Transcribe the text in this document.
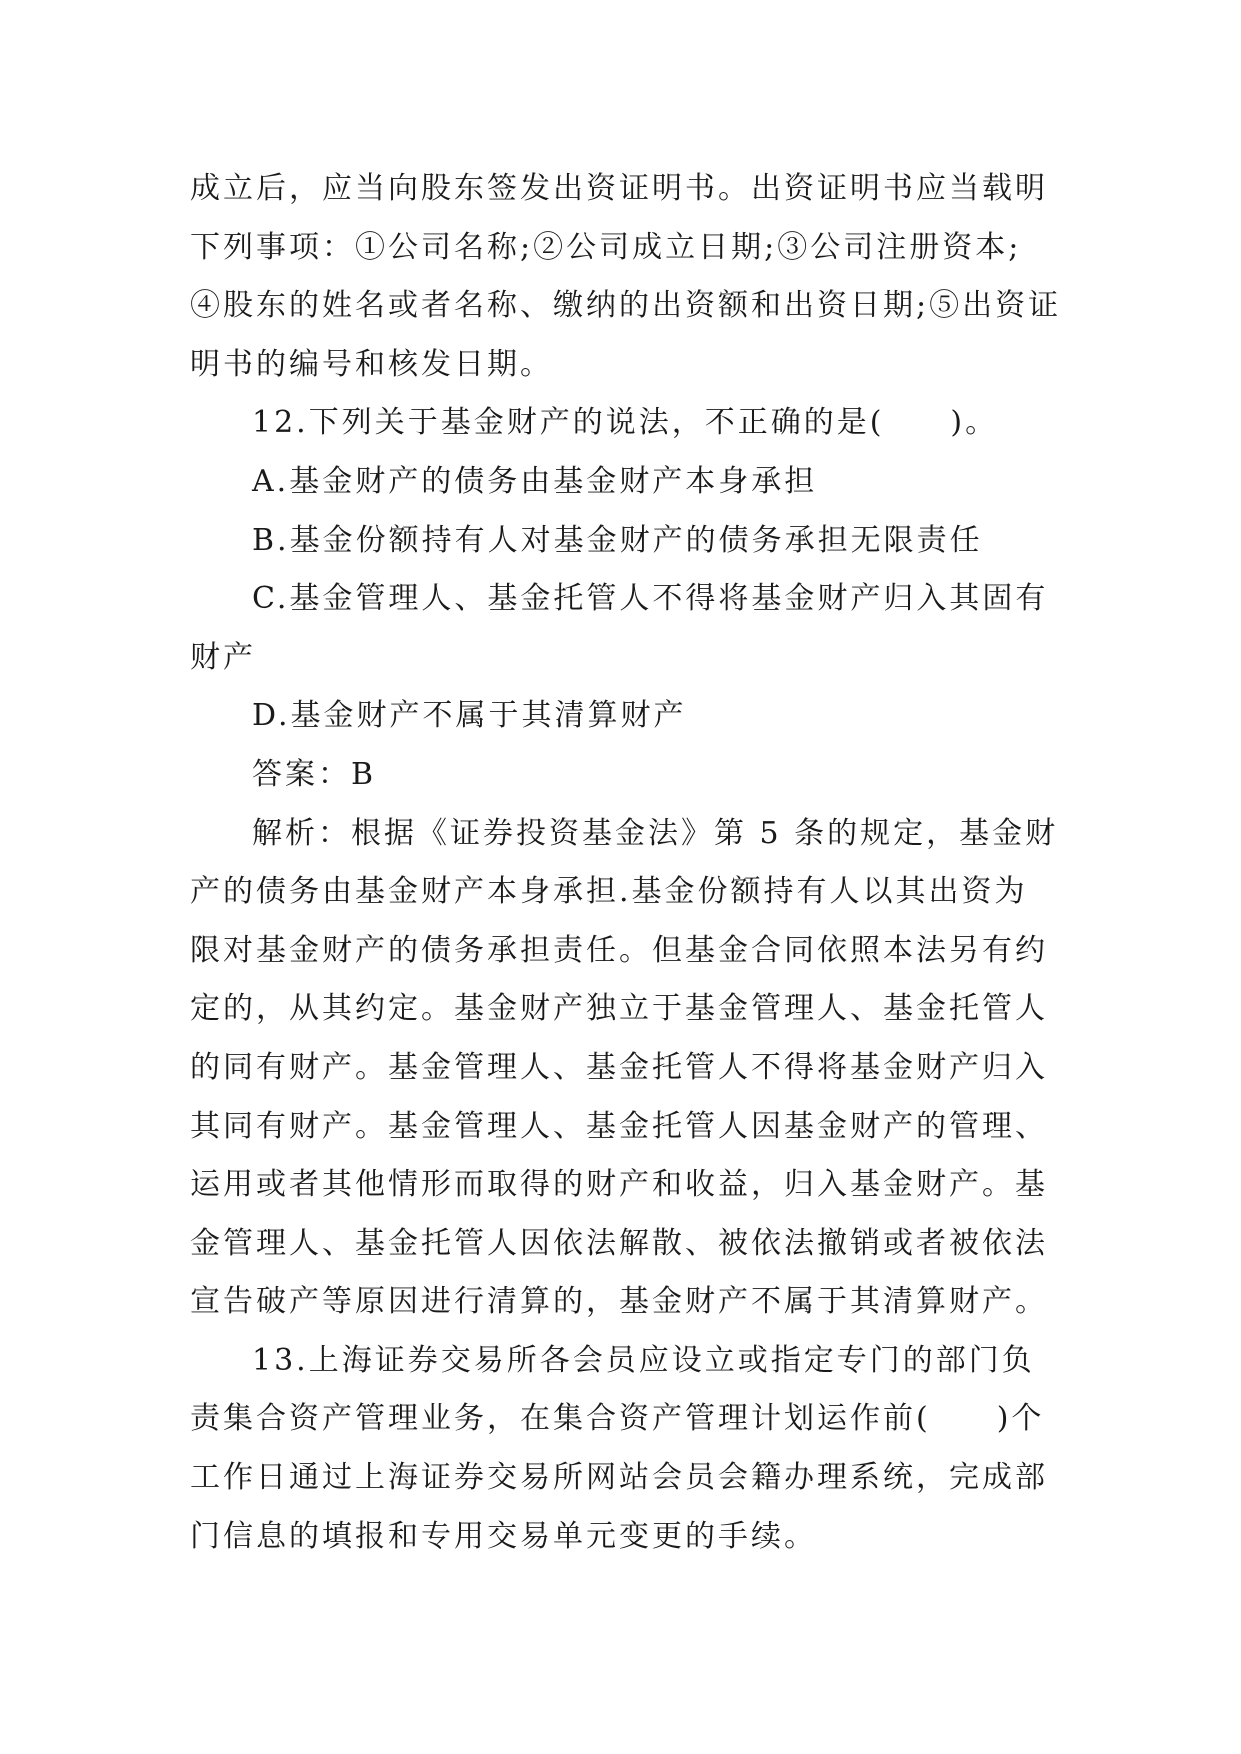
成立后，应当向股东签发出资证明书。出资证明书应当载明
下列事项：①公司名称;②公司成立日期;③公司注册资本;
④股东的姓名或者名称、缴纳的出资额和出资日期;⑤出资证
明书的编号和核发日期。
12.下列关于基金财产的说法，不正确的是(　　)。
A.基金财产的债务由基金财产本身承担
B.基金份额持有人对基金财产的债务承担无限责任
C.基金管理人、基金托管人不得将基金财产归入其固有
财产
D.基金财产不属于其清算财产
答案：B
解析：根据《证券投资基金法》第 5 条的规定，基金财
产的债务由基金财产本身承担.基金份额持有人以其出资为
限对基金财产的债务承担责任。但基金合同依照本法另有约
定的，从其约定。基金财产独立于基金管理人、基金托管人
的同有财产。基金管理人、基金托管人不得将基金财产归入
其同有财产。基金管理人、基金托管人因基金财产的管理、
运用或者其他情形而取得的财产和收益，归入基金财产。基
金管理人、基金托管人因依法解散、被依法撤销或者被依法
宣告破产等原因进行清算的，基金财产不属于其清算财产。
13.上海证券交易所各会员应设立或指定专门的部门负
责集合资产管理业务，在集合资产管理计划运作前(　　)个
工作日通过上海证券交易所网站会员会籍办理系统，完成部
门信息的填报和专用交易单元变更的手续。
